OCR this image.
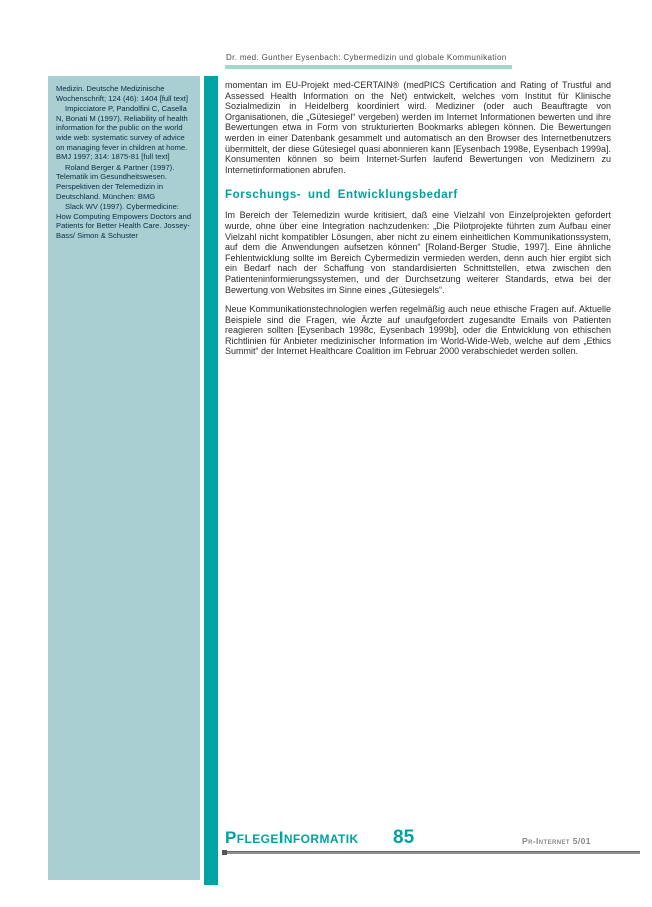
Dr. med. Gunther Eysenbach: Cybermedizin und globale Kommunikation

Medizin. Deutsche Medizinische Wochenschrift; 124 (46): 1404 [full text]

Impicciatore P, Pandolfini C, Casella N, Bonati M (1997). Reliability of health information for the public on the world wide web: systematic survey of advice on managing fever in children at home. BMJ 1997; 314: 1875-81 [full text]

Roland Berger & Partner (1997). Telematik im Gesundheitswesen. Perspektiven der Telemedizin in Deutschland. München: BMG

Slack WV (1997). Cybermedicine: How Computing Empowers Doctors and Patients for Better Health Care. Jossey-Bass/ Simon & Schuster

momentan im EU-Projekt med-CERTAIN® (medPICS Certification and Rating of Trustful and Assessed Health Information on the Net) entwickelt, welches vom Institut für Klinische Sozialmedizin in Heidelberg koordiniert wird. Mediziner (oder auch Beauftragte von Organisationen, die „Gütesiegel“ vergeben) werden im Internet Informationen bewerten und ihre Bewertungen etwa in Form von strukturierten Bookmarks ablegen können. Die Bewertungen werden in einer Datenbank gesammelt und automatisch an den Browser des Internetbenutzers übermittelt, der diese Gütesiegel quasi abonnieren kann [Eysenbach 1998e, Eysenbach 1999a]. Konsumenten können so beim Internet-Surfen laufend Bewertungen von Medizinern zu Internetinformationen abrufen.

Forschungs- und Entwicklungsbedarf

Im Bereich der Telemedizin wurde kritisiert, daß eine Vielzahl von Einzelprojekten gefordert wurde, ohne über eine Integration nachzudenken: „Die Pilotprojekte führten zum Aufbau einer Vielzahl nicht kompatibler Lösungen, aber nicht zu einem einheitlichen Kommunikationssystem, auf dem die Anwendungen aufsetzen können“ [Roland-Berger Studie, 1997]. Eine ähnliche Fehlentwicklung sollte im Bereich Cybermedizin vermieden werden, denn auch hier ergibt sich ein Bedarf nach der Schaffung von standardisierten Schnittstellen, etwa zwischen den Patienteninformierungssystemen, und der Durchsetzung weiterer Standards, etwa bei der Bewertung von Websites im Sinne eines „Gütesiegels“.

Neue Kommunikationstechnologien werfen regelmäßig auch neue ethische Fragen auf. Aktuelle Beispiele sind die Fragen, wie Ärzte auf unaufgefordert zugesandte Emails von Patienten reagieren sollten [Eysenbach 1998c, Eysenbach 1999b], oder die Entwicklung von ethischen Richtlinien für Anbieter medizinischer Information im World-Wide-Web, welche auf dem „Ethics Summit“ der Internet Healthcare Coalition im Februar 2000 verabschiedet werden sollen.

PflegeInformatik 85	Pr-Internet 5/01
